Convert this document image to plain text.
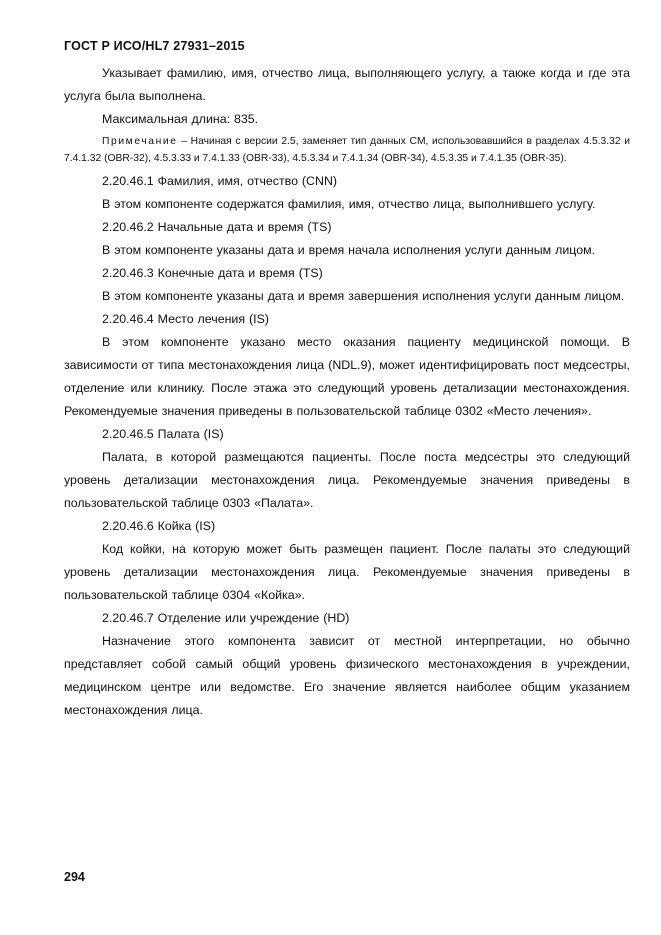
ГОСТ Р ИСО/HL7 27931–2015

Указывает фамилию, имя, отчество лица, выполняющего услугу, а также когда и где эта услуга была выполнена.

Максимальная длина: 835.

Примечание – Начиная с версии 2.5, заменяет тип данных CM, использовавшийся в разделах 4.5.3.32 и 7.4.1.32 (OBR-32), 4.5.3.33 и 7.4.1.33 (OBR-33), 4.5.3.34 и 7.4.1.34 (OBR-34), 4.5.3.35 и 7.4.1.35 (OBR-35).

2.20.46.1 Фамилия, имя, отчество (CNN)

В этом компоненте содержатся фамилия, имя, отчество лица, выполнившего услугу.

2.20.46.2 Начальные дата и время (TS)

В этом компоненте указаны дата и время начала исполнения услуги данным лицом.

2.20.46.3 Конечные дата и время (TS)

В этом компоненте указаны дата и время завершения исполнения услуги данным лицом.

2.20.46.4 Место лечения (IS)

В этом компоненте указано место оказания пациенту медицинской помощи. В зависимости от типа местонахождения лица (NDL.9), может идентифицировать пост медсестры, отделение или клинику. После этажа это следующий уровень детализации местонахождения. Рекомендуемые значения приведены в пользовательской таблице 0302 «Место лечения».

2.20.46.5 Палата (IS)

Палата, в которой размещаются пациенты. После поста медсестры это следующий уровень детализации местонахождения лица. Рекомендуемые значения приведены в пользовательской таблице 0303 «Палата».

2.20.46.6 Койка (IS)

Код койки, на которую может быть размещен пациент. После палаты это следующий уровень детализации местонахождения лица. Рекомендуемые значения приведены в пользовательской таблице 0304 «Койка».

2.20.46.7 Отделение или учреждение (HD)

Назначение этого компонента зависит от местной интерпретации, но обычно представляет собой самый общий уровень физического местонахождения в учреждении, медицинском центре или ведомстве. Его значение является наиболее общим указанием местонахождения лица.

294
